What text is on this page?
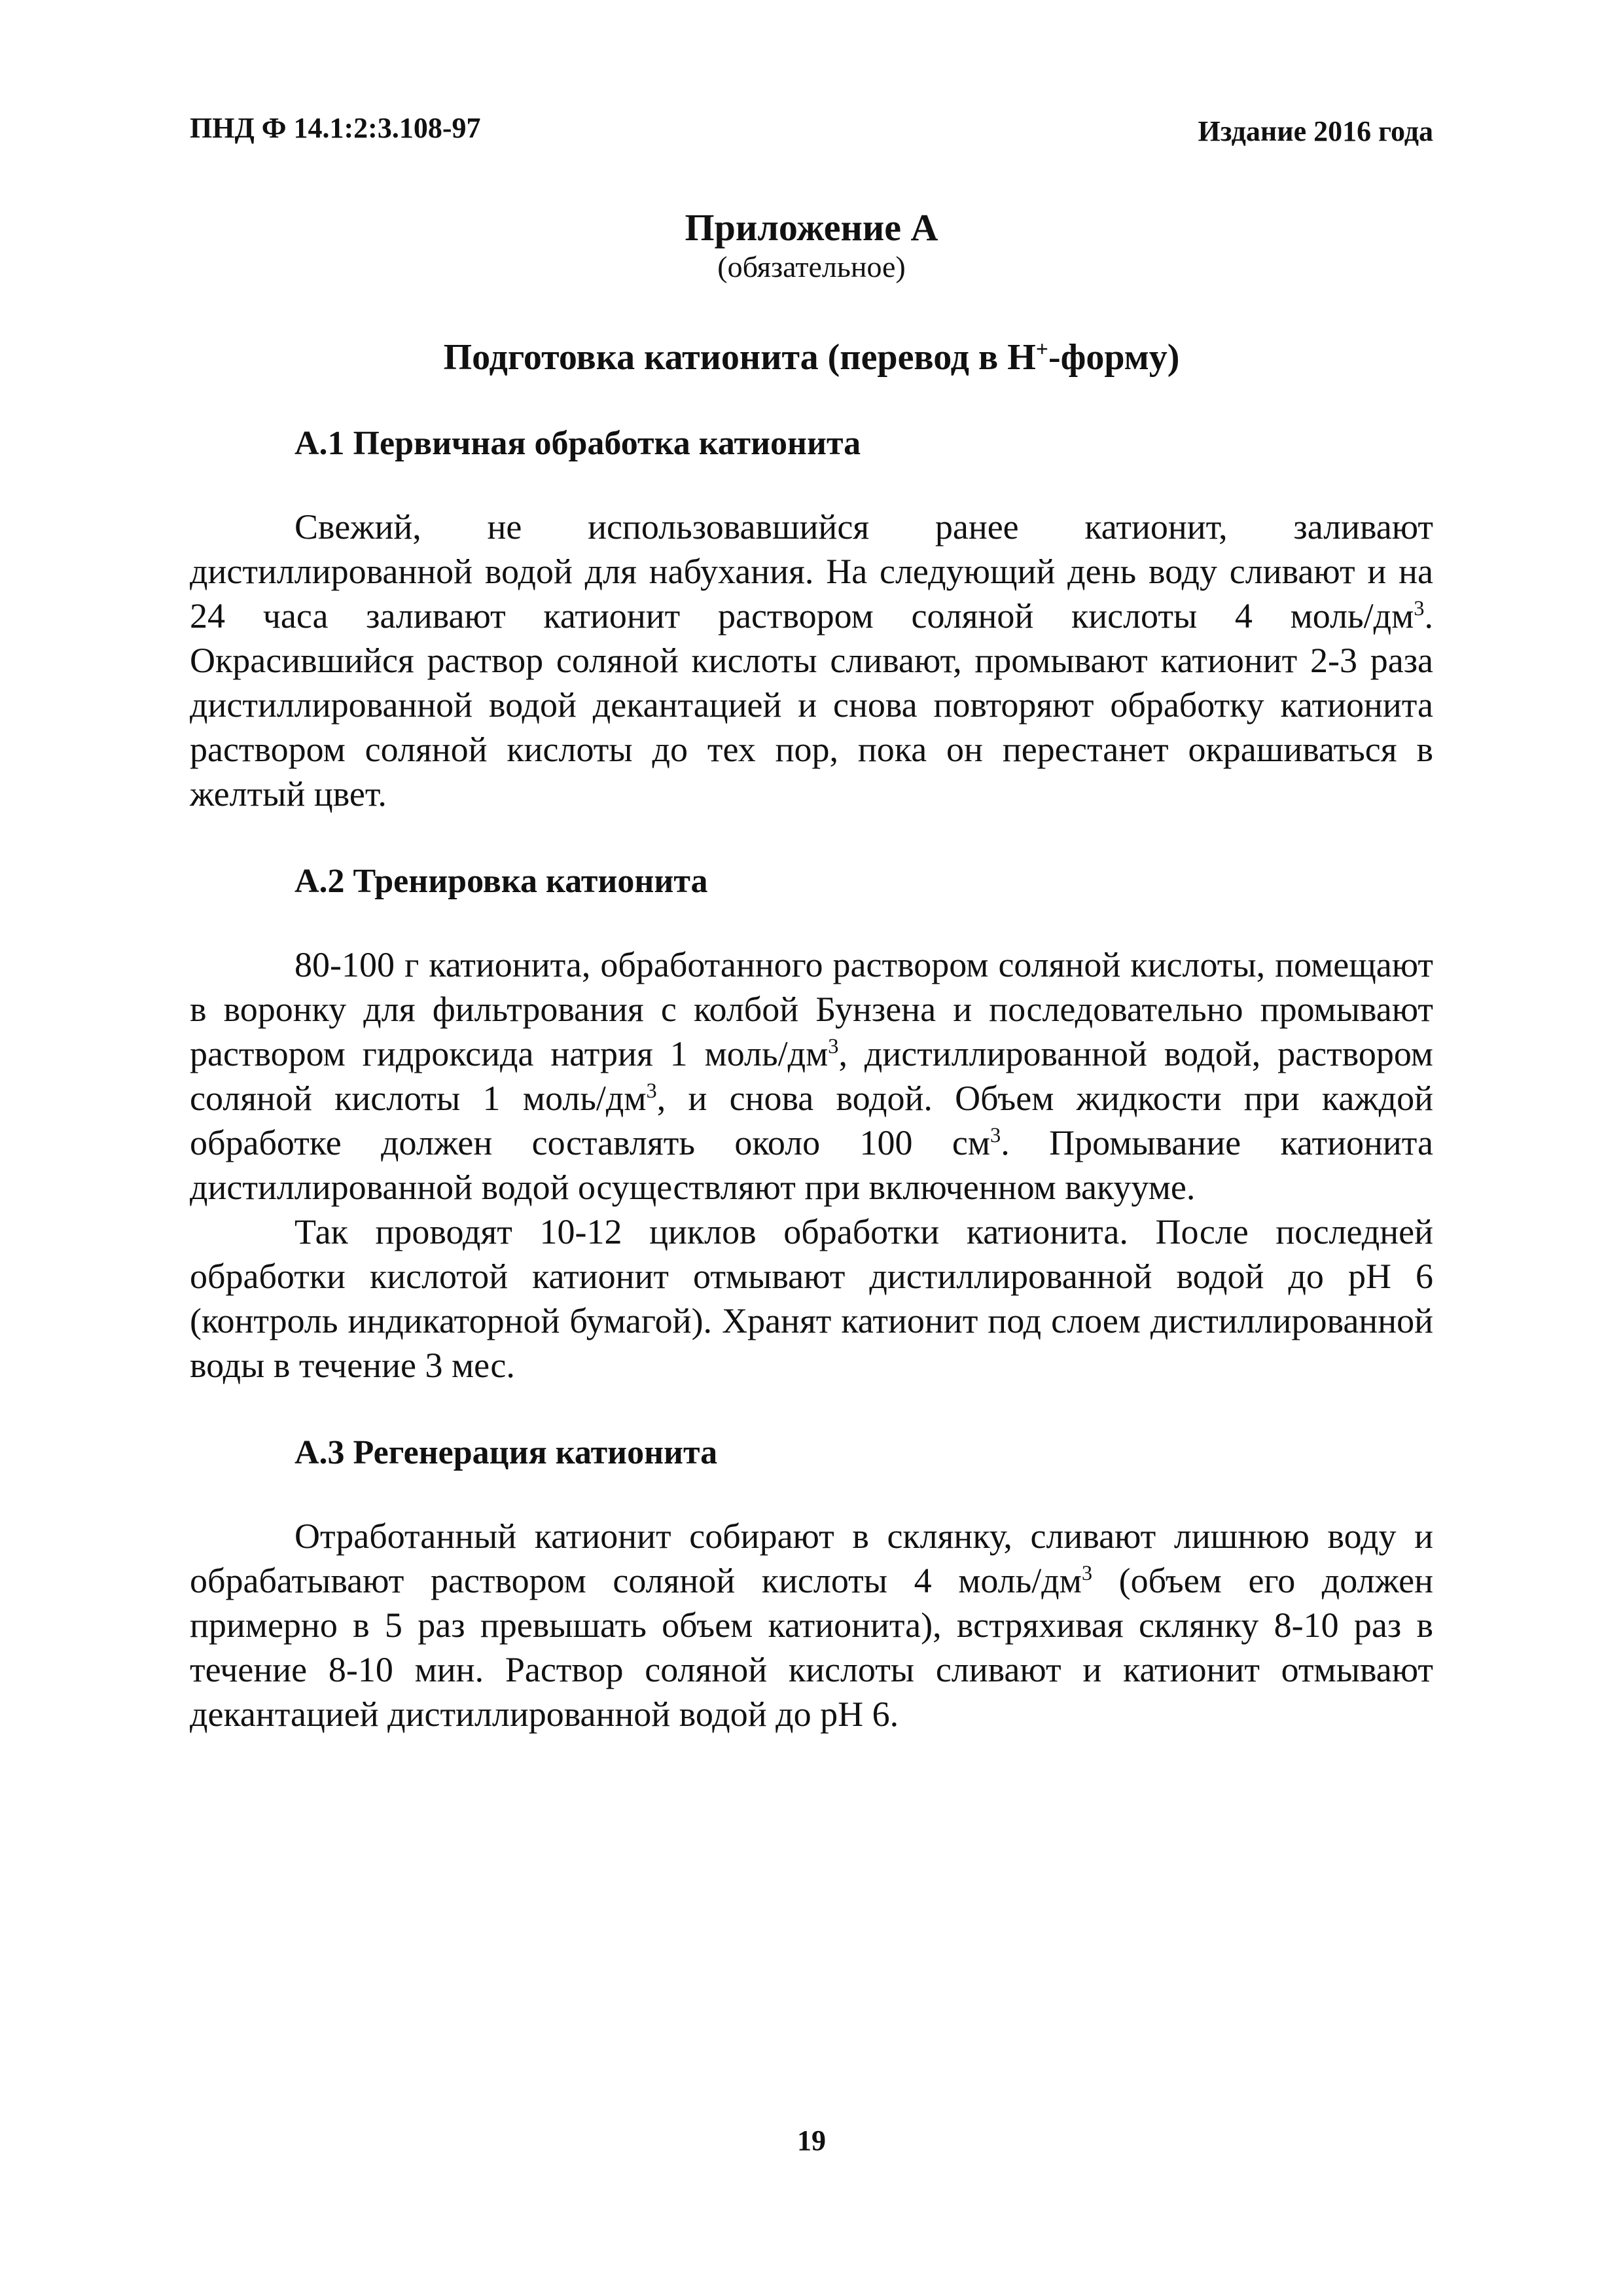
ПНД Ф 14.1:2:3.108-97	Издание 2016 года
Приложение А
(обязательное)
Подготовка катионита (перевод в H+-форму)
А.1 Первичная обработка катионита

Свежий, не использовавшийся ранее катионит, заливают дистиллированной водой для набухания. На следующий день воду сливают и на 24 часа заливают катионит раствором соляной кислоты 4 моль/$дм^3$. Окрасившийся раствор соляной кислоты сливают, промывают катионит 2-3 раза дистиллированной водой декантацией и снова повторяют обработку катионита раствором соляной кислоты до тех пор, пока он перестанет окрашиваться в желтый цвет.

А.2 Тренировка катионита

80-100 г катионита, обработанного раствором соляной кислоты, помещают в воронку для фильтрования с колбой Бунзена и последовательно промывают раствором гидроксида натрия 1 моль/$дм^3$, дистиллированной водой, раствором соляной кислоты 1 моль/$дм^3$, и снова водой. Объем жидкости при каждой обработке должен составлять около 100 $см^3$. Промывание катионита дистиллированной водой осуществляют при включенном вакууме.

Так проводят 10-12 циклов обработки катионита. После последней обработки кислотой катионит отмывают дистиллированной водой до рН 6 (контроль индикаторной бумагой). Хранят катионит под слоем дистиллированной воды в течение 3 мес.

А.3 Регенерация катионита

Отработанный катионит собирают в склянку, сливают лишнюю воду и обрабатывают раствором соляной кислоты 4 моль/$дм^3$ (объем его должен примерно в 5 раз превышать объем катионита), встряхивая склянку 8-10 раз в течение 8-10 мин. Раствор соляной кислоты сливают и катионит отмывают декантацией дистиллированной водой до рН 6.

19
